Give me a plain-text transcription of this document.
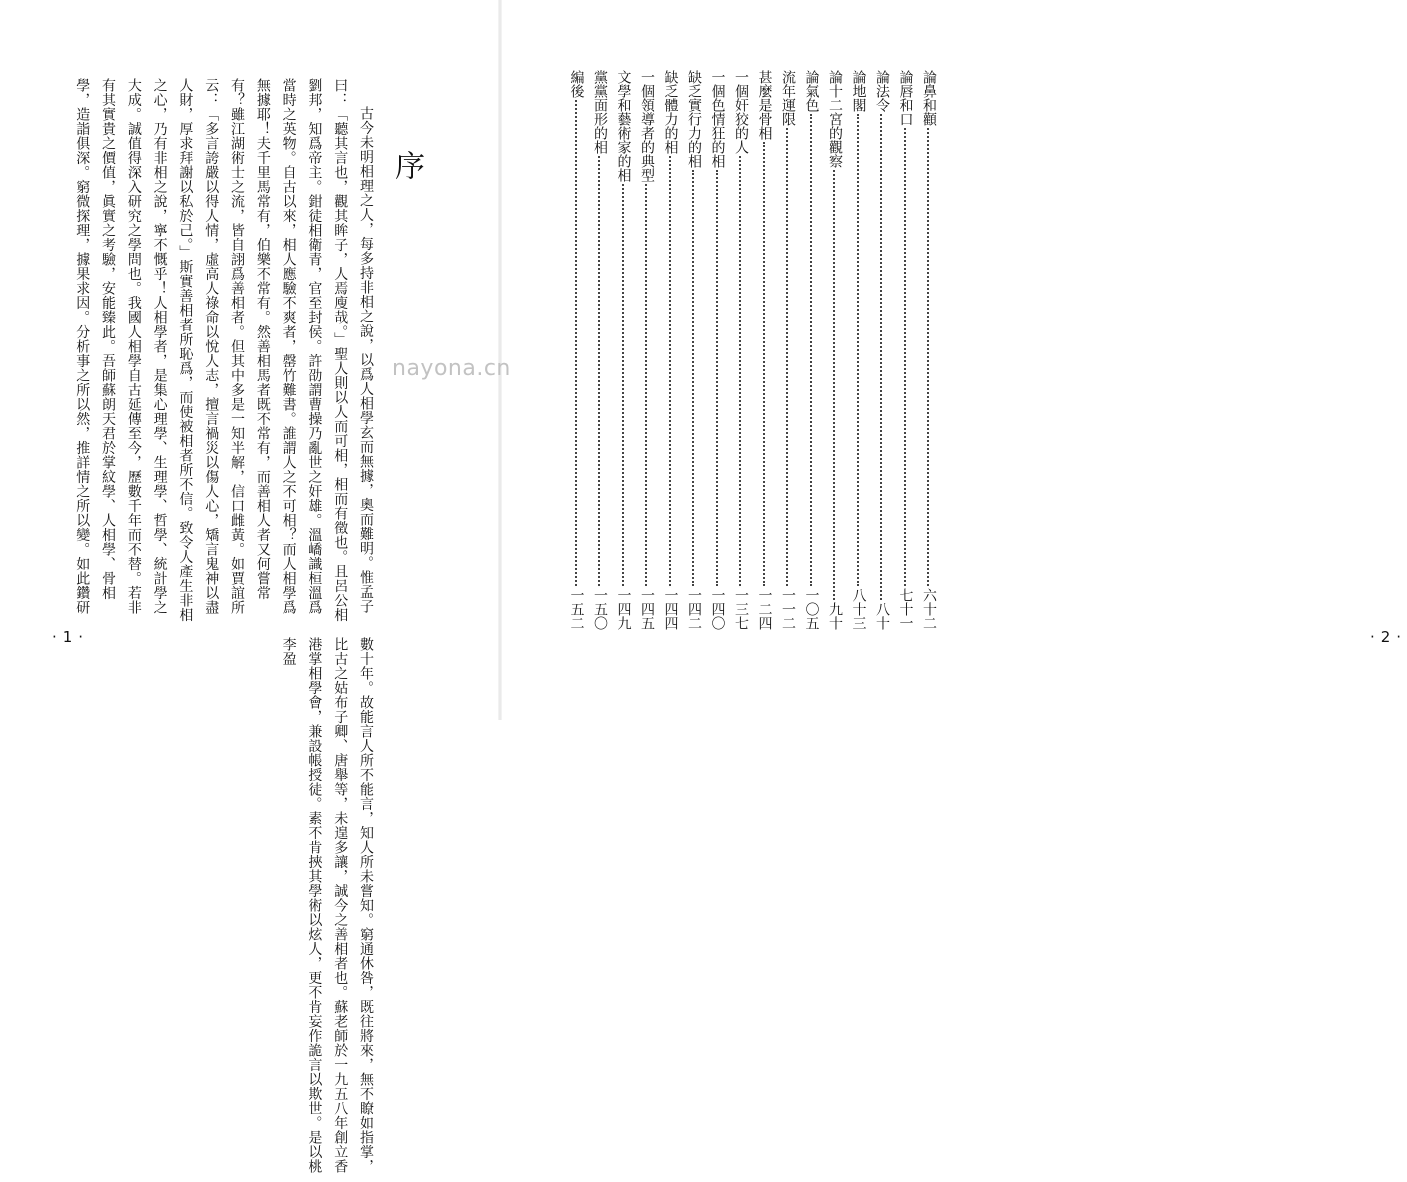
序

古今未明相理之人，每多持非相之說，以爲人相學玄而無據，奧而難明。惟孟子曰：「聽其言也，觀其眸子，人焉廋哉。」聖人則以人而可相，相而有徵也。且呂公相劉邦，知爲帝主。鉗徒相衛青，官至封侯。許劭謂曹操乃亂世之奸雄。溫嶠識桓溫爲當時之英物。自古以來，相人應驗不爽者，罄竹難書。誰謂人之不可相？而人相學爲無據耶！夫千里馬常有，伯樂不常有。然善相馬者既不常有，而善相人者又何嘗常有？雖江湖術士之流，皆自詡爲善相者。但其中多是一知半解，信口雌黃。如賈誼所云：「多言誇嚴以得人情，虛高人祿命以悅人志，擅言禍災以傷人心，矯言鬼神以盡人財，厚求拜謝以私於己。」斯實善相者所恥爲，而使被相者所不信。致令人產生非相之心，乃有非相之說，寧不慨乎！人相學者，是集心理學、生理學、哲學、統計學之大成。誠值得深入研究之學問也。我國人相學自古延傳至今，歷數千年而不替。若非有其實貴之價值，眞實之考驗，安能臻此。吾師蘇朗天君於掌紋學、人相學、骨相學，造詣俱深。窮微探理，據果求因。分析事之所以然，推詳情之所以變。如此鑽研數十年。故能言人所不能言，知人所未嘗知。窮通休咎，既往將來，無不瞭如指掌，比古之姑布子卿、唐舉等，未遑多讓，誠今之善相者也。蘇老師於一九五八年創立香港掌相學會，兼設帳授徒。素不肯挾其學術以炫人，更不肯妄作詭言以欺世。是以桃李盈

·1·	·2·
論鼻和顴
六十二
論唇和口
七十一
論法令
八十
論地閣
八十三
論十二宮的觀察
九十
論氣色
一〇五
流年運限
一一二
甚麼是骨相
一二四
一個奸狡的人
一三七
一個色情狂的相
一四〇
缺乏實行力的相
一四二
缺乏體力的相
一四四
一個領導者的典型
一四五
文學和藝術家的相
一四九
黨黨面形的相
一五〇
編後
一五二
nayona.cn
